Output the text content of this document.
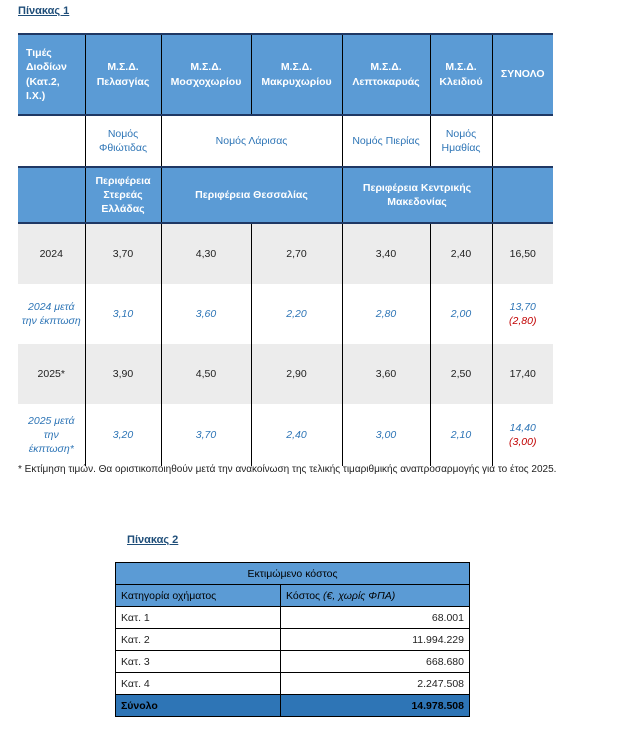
Πίνακας 1
Τιμές Διοδίων (Κατ.2, Ι.Χ.)	Μ.Σ.Δ. Πελασγίας	Μ.Σ.Δ. Μοσχοχωρίου	Μ.Σ.Δ. Μακρυχωρίου	Μ.Σ.Δ. Λεπτοκαρυάς	Μ.Σ.Δ. Κλειδιού	ΣΥΝΟΛΟ
	Νομός Φθιώτιδας	Νομός Λάρισας		Νομός Πιερίας	Νομός Ημαθίας	
	Περιφέρεια Στερεάς Ελλάδας	Περιφέρεια Θεσσαλίας		Περιφέρεια Κεντρικής Μακεδονίας		
2024	3,70	4,30	2,70	3,40	2,40	16,50
2024 μετά την έκπτωση	3,10	3,60	2,20	2,80	2,00	13,70
(2,80)
2025*	3,90	4,50	2,90	3,60	2,50	17,40
2025 μετά την έκπτωση*	3,20	3,70	2,40	3,00	2,10	14,40
(3,00)
* Εκτίμηση τιμών. Θα οριστικοποιηθούν μετά την ανακοίνωση της τελικής τιμαριθμικής αναπροσαρμογής για το έτος 2025.
Πίνακας 2
Εκτιμώμενο κόστος	
Κατηγορία οχήματος	Κόστος (€, χωρίς ΦΠΑ)
Κατ. 1	68.001
Κατ. 2	11.994.229
Κατ. 3	668.680
Κατ. 4	2.247.508
Σύνολο	14.978.508
